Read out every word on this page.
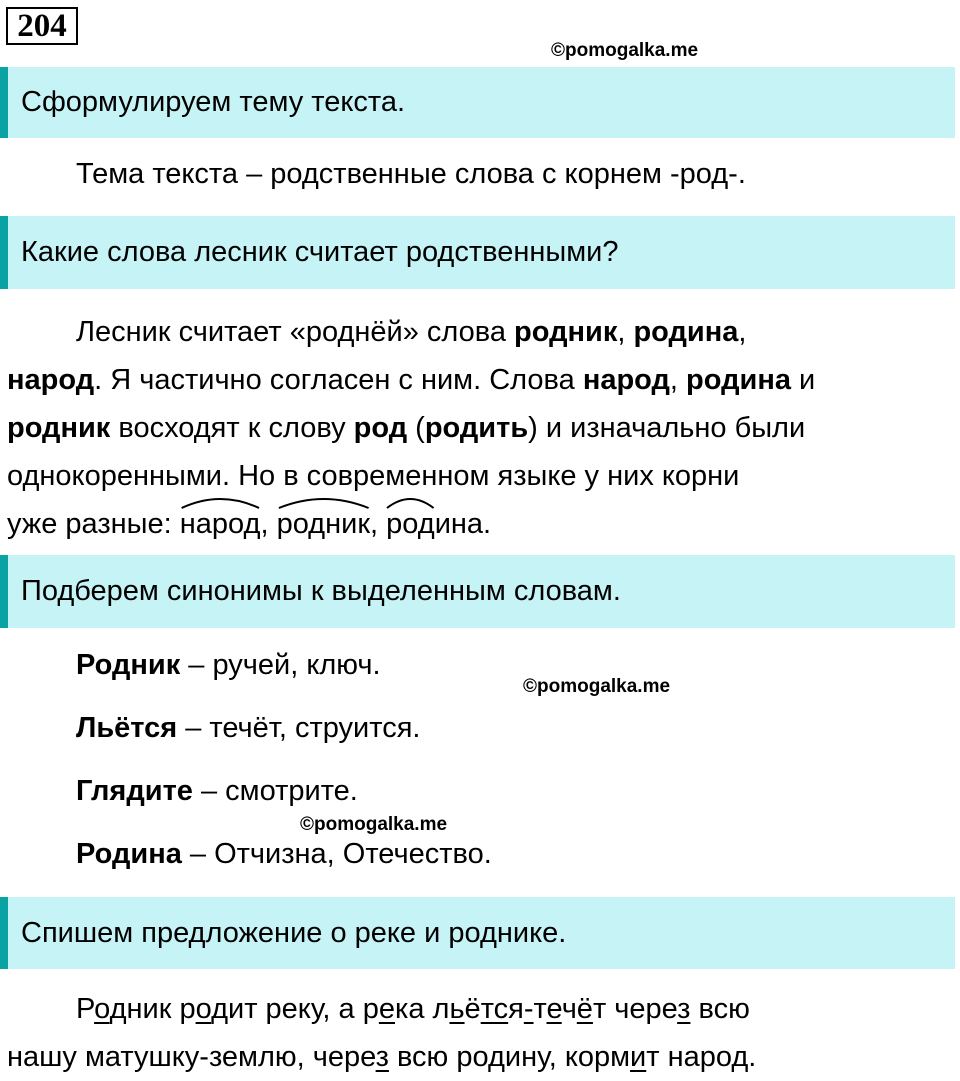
204
©pomogalka.me
Сформулируем тему текста.
Тема текста – родственные слова с корнем -род-.
Какие слова лесник считает родственными?
Лесник считает «роднёй» слова родник, родина,
народ. Я частично согласен с ним. Слова народ, родина и
родник восходят к слову род (родить) и изначально были
однокоренными. Но в современном языке у них корни
уже разные:
народ,
родник,
родина.
Подберем синонимы к выделенным словам.
Родник – ручей, ключ.
©pomogalka.me
Льётся – течёт, струится.
Глядите – смотрите.
©pomogalka.me
Родина – Отчизна, Отечество.
Спишем предложение о реке и роднике.
Родник родит реку, а река льётся-течёт через всю
нашу матушку-землю, через всю родину, кормит народ.
